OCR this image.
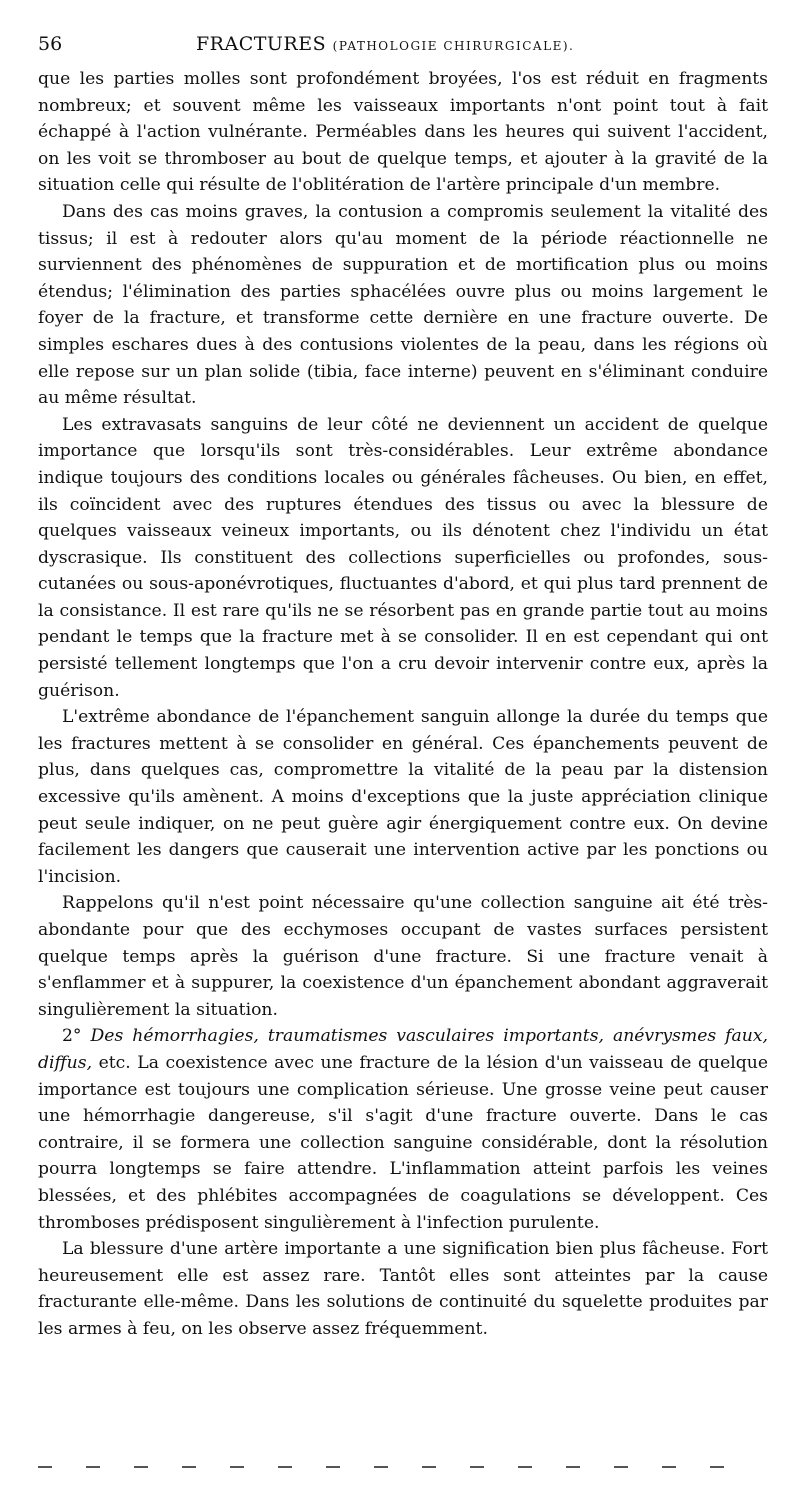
56	FRACTURES (PATHOLOGIE CHIRURGICALE).

que les parties molles sont profondément broyées, l'os est réduit en fragments nombreux; et souvent même les vaisseaux importants n'ont point tout à fait échappé à l'action vulnérante. Perméables dans les heures qui suivent l'accident, on les voit se thromboser au bout de quelque temps, et ajouter à la gravité de la situation celle qui résulte de l'oblitération de l'artère principale d'un membre.

Dans des cas moins graves, la contusion a compromis seulement la vitalité des tissus; il est à redouter alors qu'au moment de la période réactionnelle ne surviennent des phénomènes de suppuration et de mortification plus ou moins étendus; l'élimination des parties sphacélées ouvre plus ou moins largement le foyer de la fracture, et transforme cette dernière en une fracture ouverte. De simples eschares dues à des contusions violentes de la peau, dans les régions où elle repose sur un plan solide (tibia, face interne) peuvent en s'éliminant conduire au même résultat.

Les extravasats sanguins de leur côté ne deviennent un accident de quelque importance que lorsqu'ils sont très-considérables. Leur extrême abondance indique toujours des conditions locales ou générales fâcheuses. Ou bien, en effet, ils coïncident avec des ruptures étendues des tissus ou avec la blessure de quelques vaisseaux veineux importants, ou ils dénotent chez l'individu un état dyscrasique. Ils constituent des collections superficielles ou profondes, sous-cutanées ou sous-aponévrotiques, fluctuantes d'abord, et qui plus tard prennent de la consistance. Il est rare qu'ils ne se résorbent pas en grande partie tout au moins pendant le temps que la fracture met à se consolider. Il en est cependant qui ont persisté tellement longtemps que l'on a cru devoir intervenir contre eux, après la guérison.

L'extrême abondance de l'épanchement sanguin allonge la durée du temps que les fractures mettent à se consolider en général. Ces épanchements peuvent de plus, dans quelques cas, compromettre la vitalité de la peau par la distension excessive qu'ils amènent. A moins d'exceptions que la juste appréciation clinique peut seule indiquer, on ne peut guère agir énergiquement contre eux. On devine facilement les dangers que causerait une intervention active par les ponctions ou l'incision.

Rappelons qu'il n'est point nécessaire qu'une collection sanguine ait été très-abondante pour que des ecchymoses occupant de vastes surfaces persistent quelque temps après la guérison d'une fracture. Si une fracture venait à s'enflammer et à suppurer, la coexistence d'un épanchement abondant aggraverait singulièrement la situation.

2° Des hémorrhagies, traumatismes vasculaires importants, anévrysmes faux, diffus, etc. La coexistence avec une fracture de la lésion d'un vaisseau de quelque importance est toujours une complication sérieuse. Une grosse veine peut causer une hémorrhagie dangereuse, s'il s'agit d'une fracture ouverte. Dans le cas contraire, il se formera une collection sanguine considérable, dont la résolution pourra longtemps se faire attendre. L'inflammation atteint parfois les veines blessées, et des phlébites accompagnées de coagulations se développent. Ces thromboses prédisposent singulièrement à l'infection purulente.

La blessure d'une artère importante a une signification bien plus fâcheuse. Fort heureusement elle est assez rare. Tantôt elles sont atteintes par la cause fracturante elle-même. Dans les solutions de continuité du squelette produites par les armes à feu, on les observe assez fréquemment.
